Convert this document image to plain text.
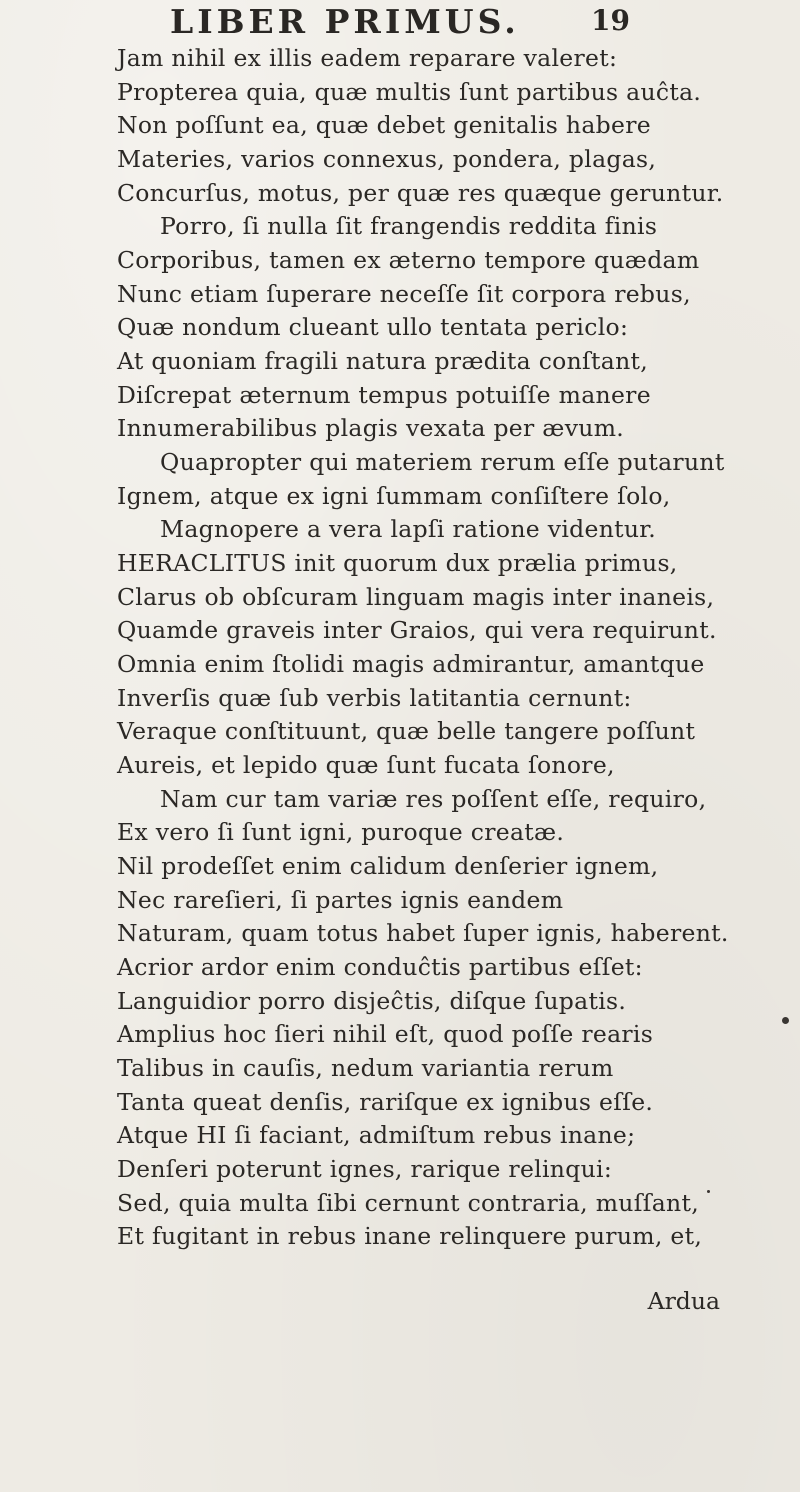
LIBER PRIMUS.	19
Jam nihil ex illis eadem reparare valeret:
Propterea quia, quæ multis ſunt partibus auĉta.
Non poſſunt ea, quæ debet genitalis habere
Materies, varios connexus, pondera, plagas,
Concurſus, motus, per quæ res quæque geruntur.
Porro, ſi nulla ſit frangendis reddita finis
Corporibus, tamen ex æterno tempore quædam
Nunc etiam ſuperare neceſſe ſit corpora rebus,
Quæ nondum clueant ullo tentata periclo:
At quoniam fragili natura prædita conſtant,
Diſcrepat æternum tempus potuiſſe manere
Innumerabilibus plagis vexata per ævum.
Quapropter qui materiem rerum eſſe putarunt
Ignem, atque ex igni ſummam conſiſtere ſolo,
Magnopere a vera lapſi ratione videntur.
HERACLITUS init quorum dux prælia primus,
Clarus ob obſcuram linguam magis inter inaneis,
Quamde graveis inter Graios, qui vera requirunt.
Omnia enim ſtolidi magis admirantur, amantque
Inverſis quæ ſub verbis latitantia cernunt:
Veraque conſtituunt, quæ belle tangere poſſunt
Aureis, et lepido quæ ſunt fucata ſonore,
Nam cur tam variæ res poſſent eſſe, requiro,
Ex vero ſi ſunt igni, puroque creatæ.
Nil prodeſſet enim calidum denſerier ignem,
Nec rareſieri, ſi partes ignis eandem
Naturam, quam totus habet ſuper ignis, haberent.
Acrior ardor enim conduĉtis partibus eſſet:
Languidior porro disjeĉtis, diſque ſupatis.
Amplius hoc ſieri nihil eſt, quod poſſe rearis
Talibus in cauſis, nedum variantia rerum
Tanta queat denſis, rariſque ex ignibus eſſe.
Atque HI ſi faciant, admiſtum rebus inane;
Denſeri poterunt ignes, rarique relinqui:
Sed, quia multa ſibi cernunt contraria, muſſant,
Et fugitant in rebus inane relinquere purum, et,
Ardua
